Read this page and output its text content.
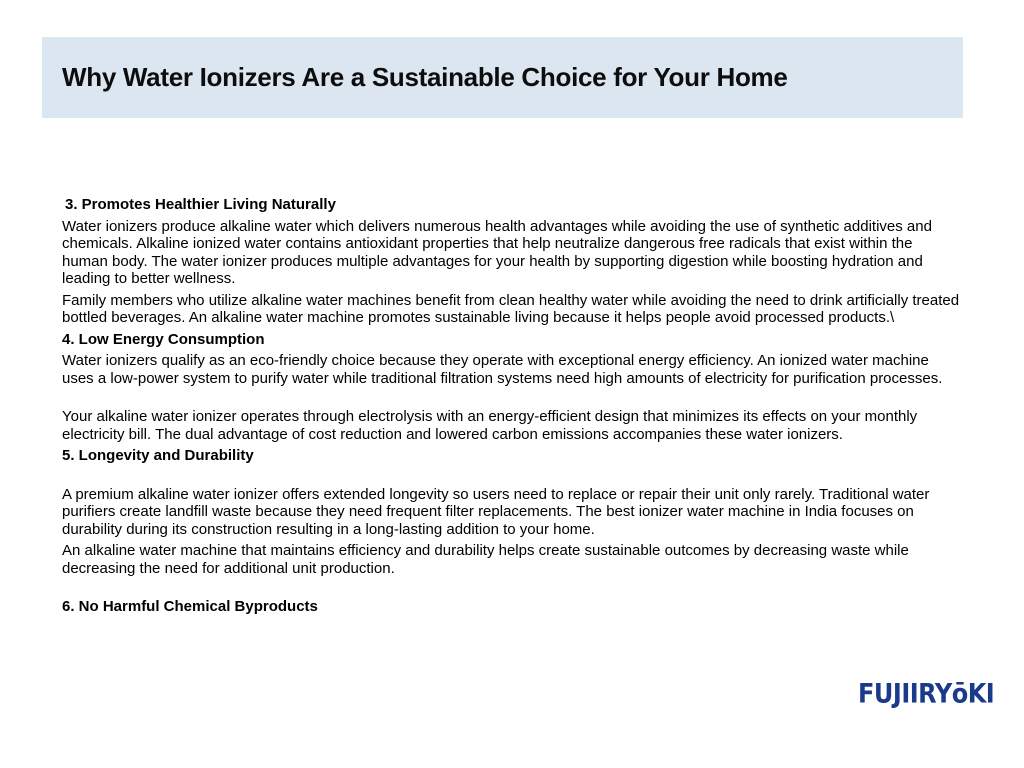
Why Water Ionizers Are a Sustainable Choice for Your Home

3. Promotes Healthier Living Naturally

Water ionizers produce alkaline water which delivers numerous health advantages while avoiding the use of synthetic additives and chemicals. Alkaline ionized water contains antioxidant properties that help neutralize dangerous free radicals that exist within the human body. The water ionizer produces multiple advantages for your health by supporting digestion while boosting hydration and leading to better wellness.

Family members who utilize alkaline water machines benefit from clean healthy water while avoiding the need to drink artificially treated bottled beverages. An alkaline water machine promotes sustainable living because it helps people avoid processed products.\

4. Low Energy Consumption

Water ionizers qualify as an eco-friendly choice because they operate with exceptional energy efficiency. An ionized water machine uses a low-power system to purify water while traditional filtration systems need high amounts of electricity for purification processes.

Your alkaline water ionizer operates through electrolysis with an energy-efficient design that minimizes its effects on your monthly electricity bill. The dual advantage of cost reduction and lowered carbon emissions accompanies these water ionizers.

5. Longevity and Durability

A premium alkaline water ionizer offers extended longevity so users need to replace or repair their unit only rarely. Traditional water purifiers create landfill waste because they need frequent filter replacements. The best ionizer water machine in India focuses on durability during its construction resulting in a long-lasting addition to your home.

An alkaline water machine that maintains efficiency and durability helps create sustainable outcomes by decreasing waste while decreasing the need for additional unit production.

6. No Harmful Chemical Byproducts

FUJIIRYōKI
